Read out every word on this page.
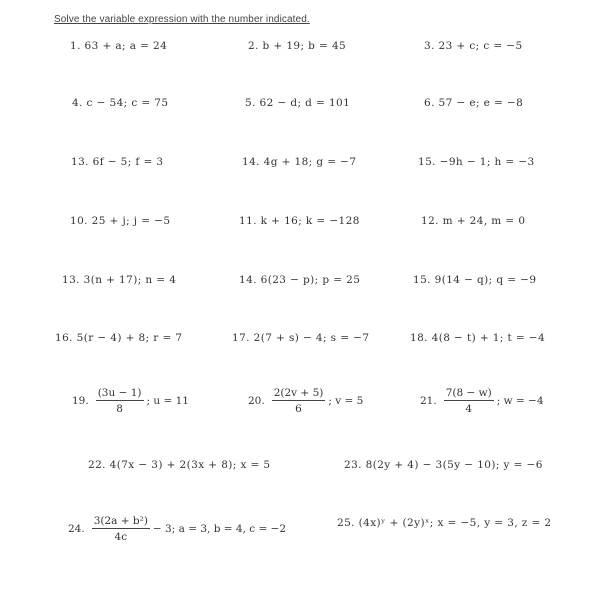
Solve the variable expression with the number indicated.
1. 63 + a; a = 24	2. b + 19; b = 45	3. 23 + c; c = −5
4. c − 54; c = 75	5. 62 − d; d = 101	6. 57 − e; e = −8
13. 6f − 5; f = 3	14. 4g + 18; g = −7	15. −9h − 1; h = −3
10. 25 + j; j = −5	11. k + 16; k = −128	12. m + 24, m = 0
13. 3(n + 17); n = 4	14. 6(23 − p); p = 25	15. 9(14 − q); q = −9
16. 5(r − 4) + 8; r = 7	17. 2(7 + s) − 4; s = −7	18. 4(8 − t) + 1; t = −4
19. $\frac{(3u - 1)}{8}$ ; u = 11	20. $\frac{2(2v + 5)}{6}$ ; v = 5	21. $\frac{7(8 - w)}{4}$ ; w = −4
22. 4(7x − 3) + 2(3x + 8); x = 5	23. 8(2y + 4) − 3(5y − 10); y = −6
24. $\frac{\text{3(2a + b²)}}{4c} - 3$; a = 3, b = 4, c = −2	25. (4x)ʸ + (2y)ˣ; x = −5, y = 3, z = 2
